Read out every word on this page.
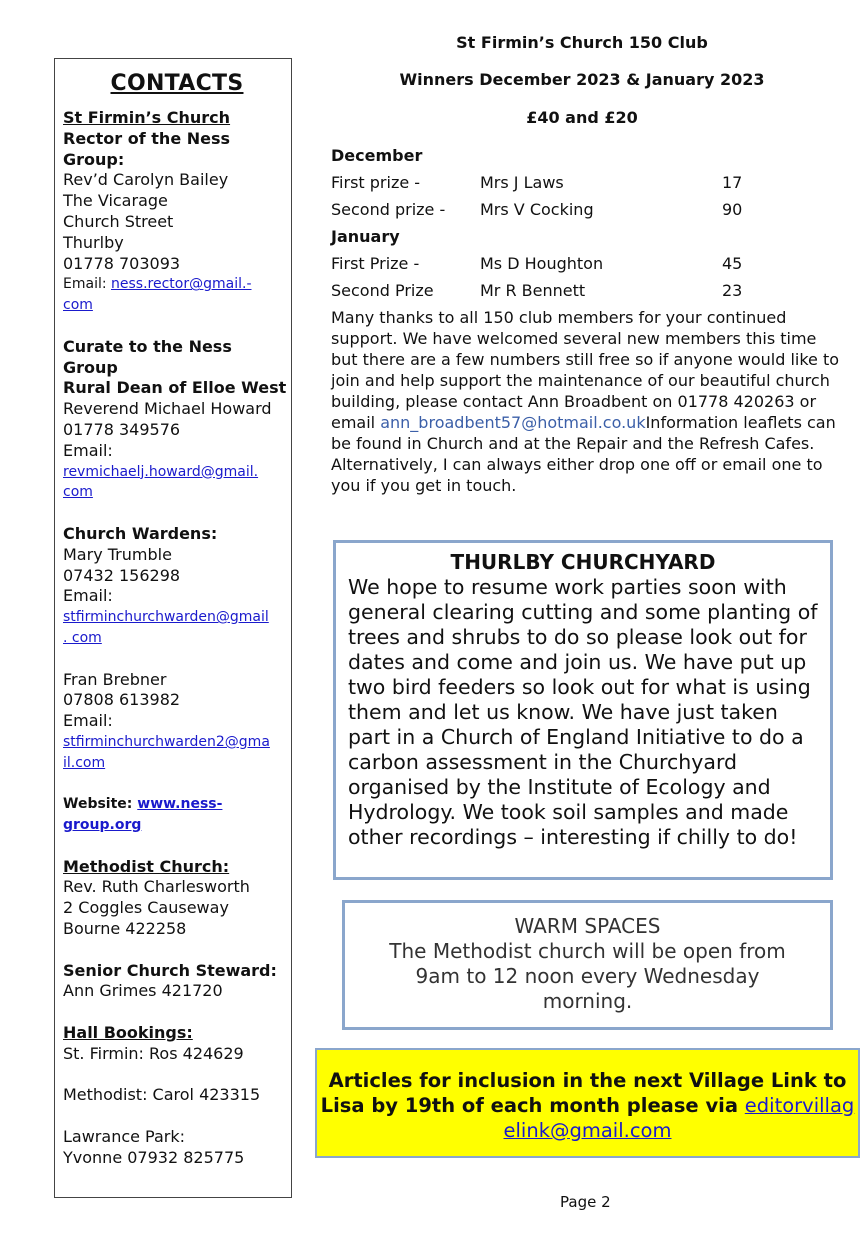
CONTACTS
St Firmin’s Church
Rector of the Ness
Group:
Rev’d Carolyn Bailey
The Vicarage
Church Street
Thurlby
01778 703093
Email: ness.rector@gmail.-
com
Curate to the Ness
Group
Rural Dean of Elloe West
Reverend Michael Howard
01778 349576
Email:
revmichaelj.howard@gmail.
com
Church Wardens:
Mary Trumble
07432 156298
Email:
stfirminchurchwarden@gmail
. com
Fran Brebner
07808 613982
Email:
stfirminchurchwarden2@gma
il.com
Website: www.ness-
group.org
Methodist Church:
Rev. Ruth Charlesworth
2 Coggles Causeway
Bourne 422258
Senior Church Steward:
Ann Grimes 421720
Hall Bookings:
St. Firmin: Ros 424629
Methodist: Carol 423315
Lawrance Park:
Yvonne 07932 825775
St Firmin’s Church 150 Club
Winners December 2023 & January 2023
£40 and £20
December
First prize -	Mrs J Laws	17
Second prize - Mrs V Cocking	90
January
First Prize -	Ms D Houghton	45
Second Prize	Mr R Bennett	23
Many thanks to all 150 club members for your continued support. We have welcomed several new members this time but there are a few numbers still free so if anyone would like to join and help support the maintenance of our beautiful church building, please contact Ann Broadbent on 01778 420263 or email ann_broadbent57@hotmail.co.ukInformation leaflets can be found in Church and at the Repair and the Refresh Cafes. Alternatively, I can always either drop one off or email one to you if you get in touch.
THURLBY CHURCHYARD
We hope to resume work parties soon with general clearing cutting and some planting of trees and shrubs to do so please look out for dates and come and join us. We have put up two bird feeders so look out for what is using them and let us know. We have just taken part in a Church of England Initiative to do a carbon assessment in the Churchyard organised by the Institute of Ecology and Hydrology. We took soil samples and made other recordings – interesting if chilly to do!
WARM SPACES
The Methodist church will be open from 9am to 12 noon every Wednesday morning.
Articles for inclusion in the next Village Link to Lisa by 19th of each month please via editorvillagelink@gmail.com
Page 2
